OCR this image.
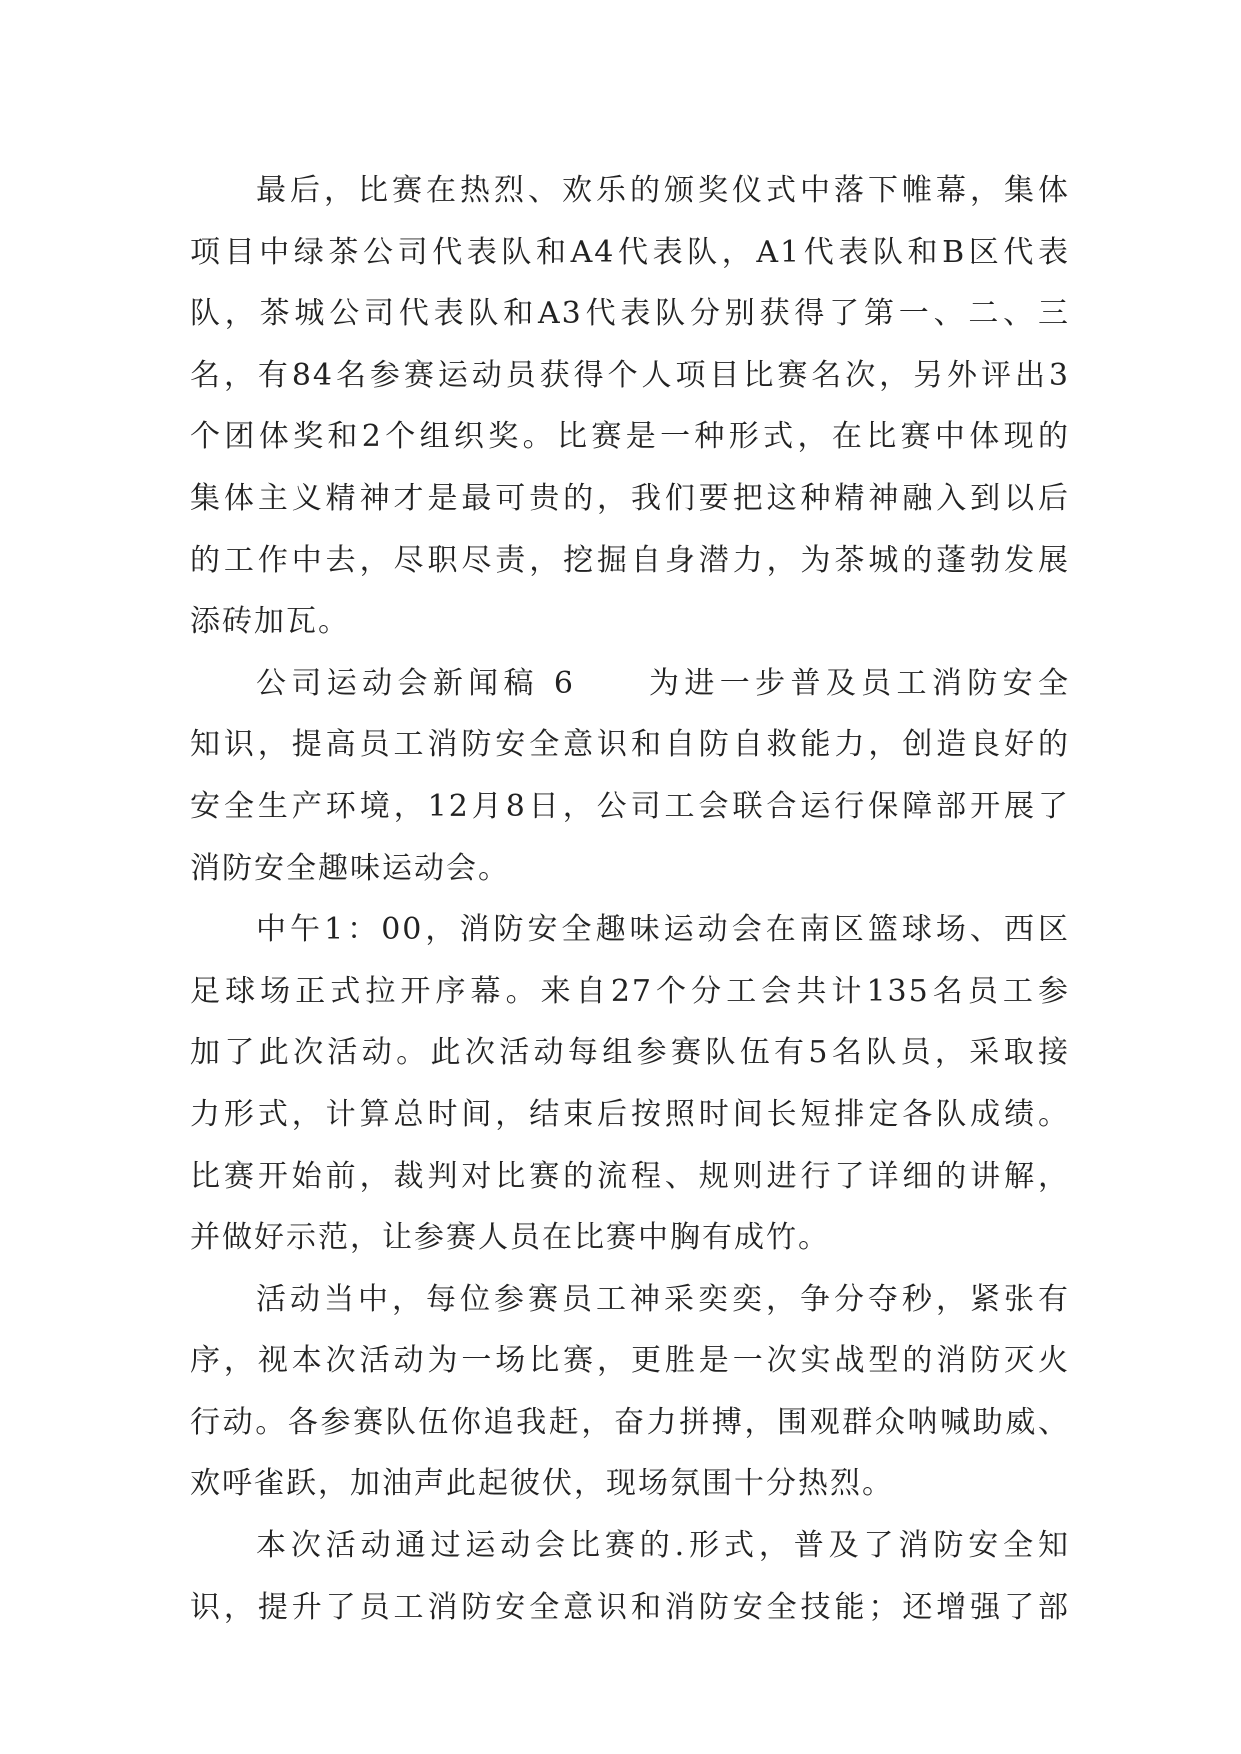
最后，比赛在热烈、欢乐的颁奖仪式中落下帷幕，集体
项目中绿茶公司代表队和A4代表队，A1代表队和B区代表
队，茶城公司代表队和A3代表队分别获得了第一、二、三
名，有84名参赛运动员获得个人项目比赛名次，另外评出3
个团体奖和2个组织奖。比赛是一种形式，在比赛中体现的
集体主义精神才是最可贵的，我们要把这种精神融入到以后
的工作中去，尽职尽责，挖掘自身潜力，为茶城的蓬勃发展
添砖加瓦。
公司运动会新闻稿 6　　为进一步普及员工消防安全
知识，提高员工消防安全意识和自防自救能力，创造良好的
安全生产环境，12月8日，公司工会联合运行保障部开展了
消防安全趣味运动会。
中午1：00，消防安全趣味运动会在南区篮球场、西区
足球场正式拉开序幕。来自27个分工会共计135名员工参
加了此次活动。此次活动每组参赛队伍有5名队员，采取接
力形式，计算总时间，结束后按照时间长短排定各队成绩。
比赛开始前，裁判对比赛的流程、规则进行了详细的讲解，
并做好示范，让参赛人员在比赛中胸有成竹。
活动当中，每位参赛员工神采奕奕，争分夺秒，紧张有
序，视本次活动为一场比赛，更胜是一次实战型的消防灭火
行动。各参赛队伍你追我赶，奋力拼搏，围观群众呐喊助威、
欢呼雀跃，加油声此起彼伏，现场氛围十分热烈。
本次活动通过运动会比赛的.形式，普及了消防安全知
识，提升了员工消防安全意识和消防安全技能；还增强了部
